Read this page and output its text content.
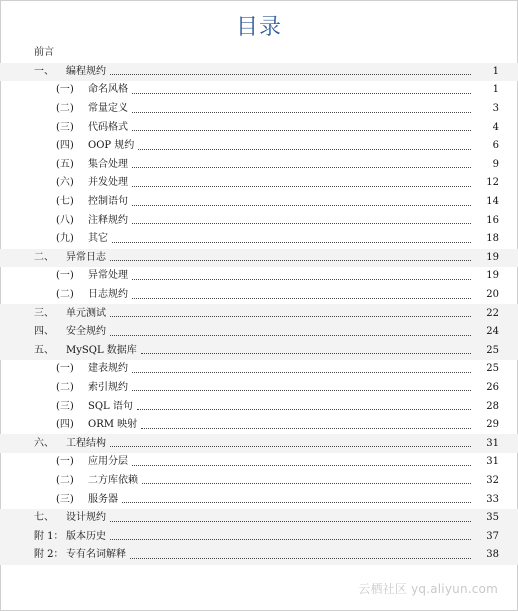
目录
前言
一、	编程规约	1
(一)	命名风格	1
(二)	常量定义	3
(三)	代码格式	4
(四)	OOP 规约	6
(五)	集合处理	9
(六)	并发处理	12
(七)	控制语句	14
(八)	注释规约	16
(九)	其它	18
二、	异常日志	19
(一)	异常处理	19
(二)	日志规约	20
三、	单元测试	22
四、	安全规约	24
五、	MySQL 数据库	25
(一)	建表规约	25
(二)	索引规约	26
(三)	SQL 语句	28
(四)	ORM 映射	29
六、	工程结构	31
(一)	应用分层	31
(二)	二方库依赖	32
(三)	服务器	33
七、	设计规约	35
附 1： 版本历史	37
附 2： 专有名词解释	38
云栖社区 yq.aliyun.com
